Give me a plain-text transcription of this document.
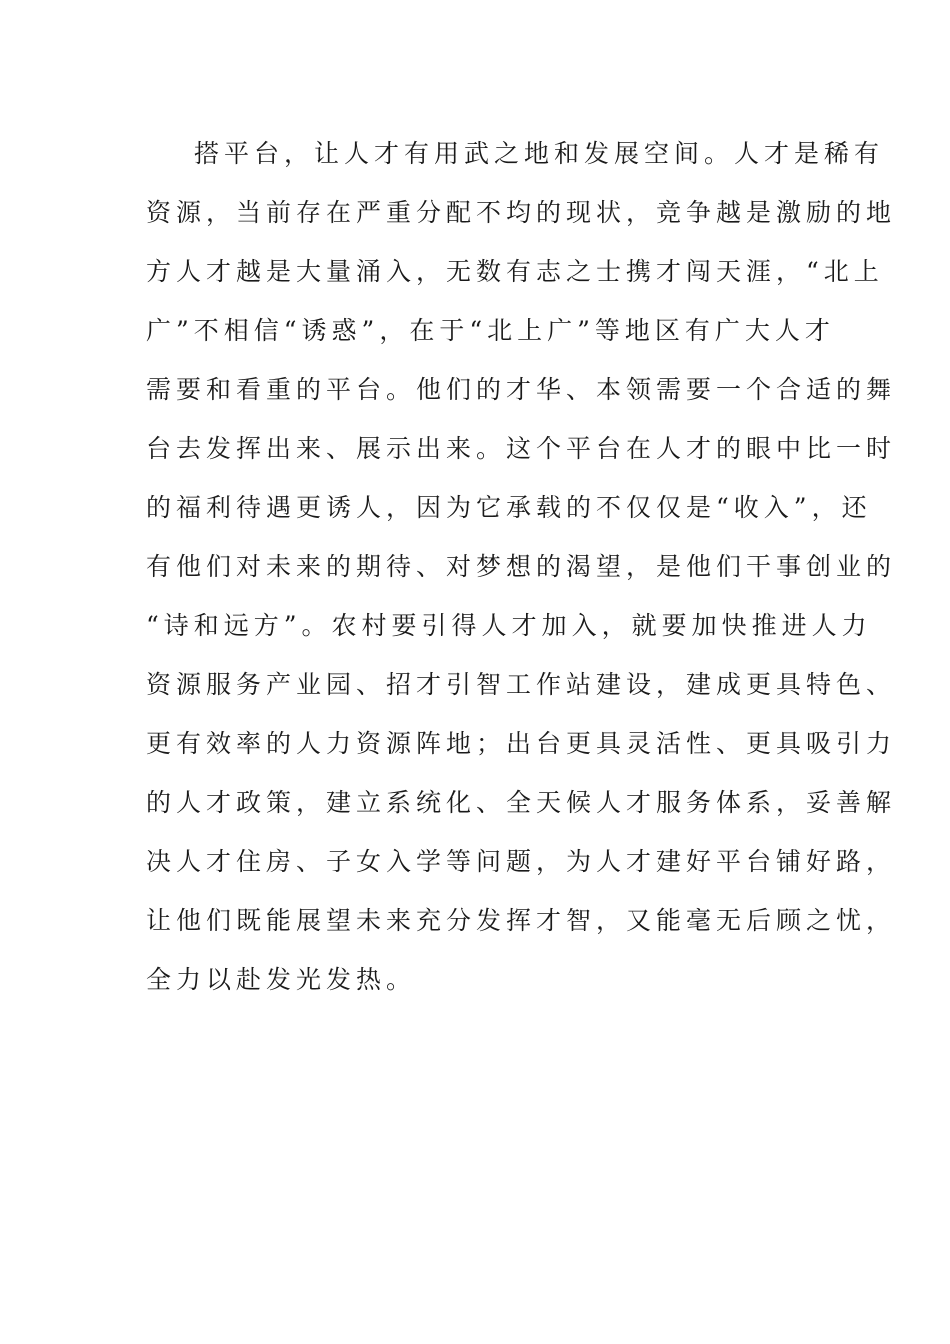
搭平台，让人才有用武之地和发展空间。人才是稀有
资源，当前存在严重分配不均的现状，竞争越是激励的地
方人才越是大量涌入，无数有志之士携才闯天涯，“北上
广”不相信“诱惑”，在于“北上广”等地区有广大人才
需要和看重的平台。他们的才华、本领需要一个合适的舞
台去发挥出来、展示出来。这个平台在人才的眼中比一时
的福利待遇更诱人，因为它承载的不仅仅是“收入”，还
有他们对未来的期待、对梦想的渴望，是他们干事创业的
“诗和远方”。农村要引得人才加入，就要加快推进人力
资源服务产业园、招才引智工作站建设，建成更具特色、
更有效率的人力资源阵地；出台更具灵活性、更具吸引力
的人才政策，建立系统化、全天候人才服务体系，妥善解
决人才住房、子女入学等问题，为人才建好平台铺好路，
让他们既能展望未来充分发挥才智，又能毫无后顾之忧，
全力以赴发光发热。
